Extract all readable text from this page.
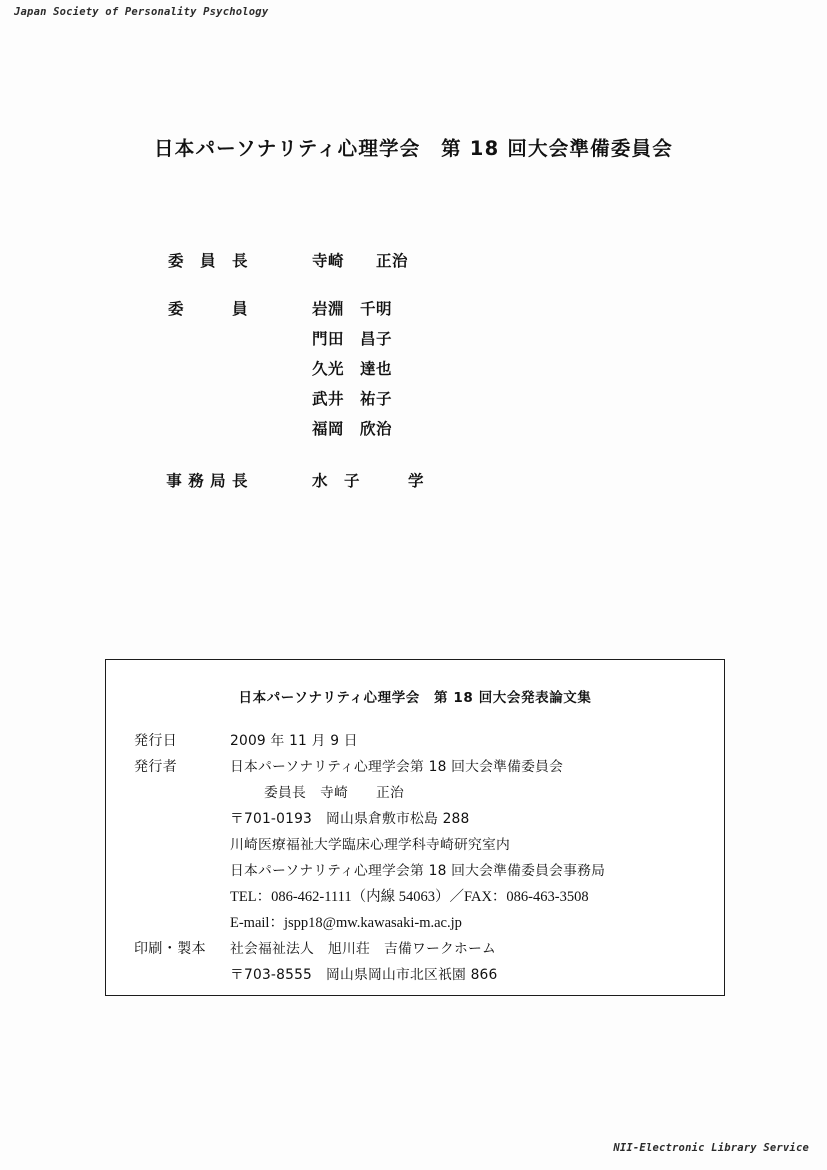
Japan Society of Personality Psychology
日本パーソナリティ心理学会　第 18 回大会準備委員会
委　員　長	寺崎　　正治
委　　　員	岩淵　千明
門田　昌子
久光　達也
武井　祐子
福岡　欣治
事 務 局 長	水　子　　　学
日本パーソナリティ心理学会　第 18 回大会発表論文集
発行日	2009 年 11 月 9 日
発行者	日本パーソナリティ心理学会第 18 回大会準備委員会
委員長　寺崎　　正治
〒701-0193　岡山県倉敷市松島 288
川崎医療福祉大学臨床心理学科寺崎研究室内
日本パーソナリティ心理学会第 18 回大会準備委員会事務局
TEL：086-462-1111（内線 54063）／FAX：086-463-3508
E-mail：jspp18@mw.kawasaki-m.ac.jp
印刷・製本	社会福祉法人　旭川荘　吉備ワークホーム
〒703-8555　岡山県岡山市北区祇園 866
NII-Electronic Library Service
